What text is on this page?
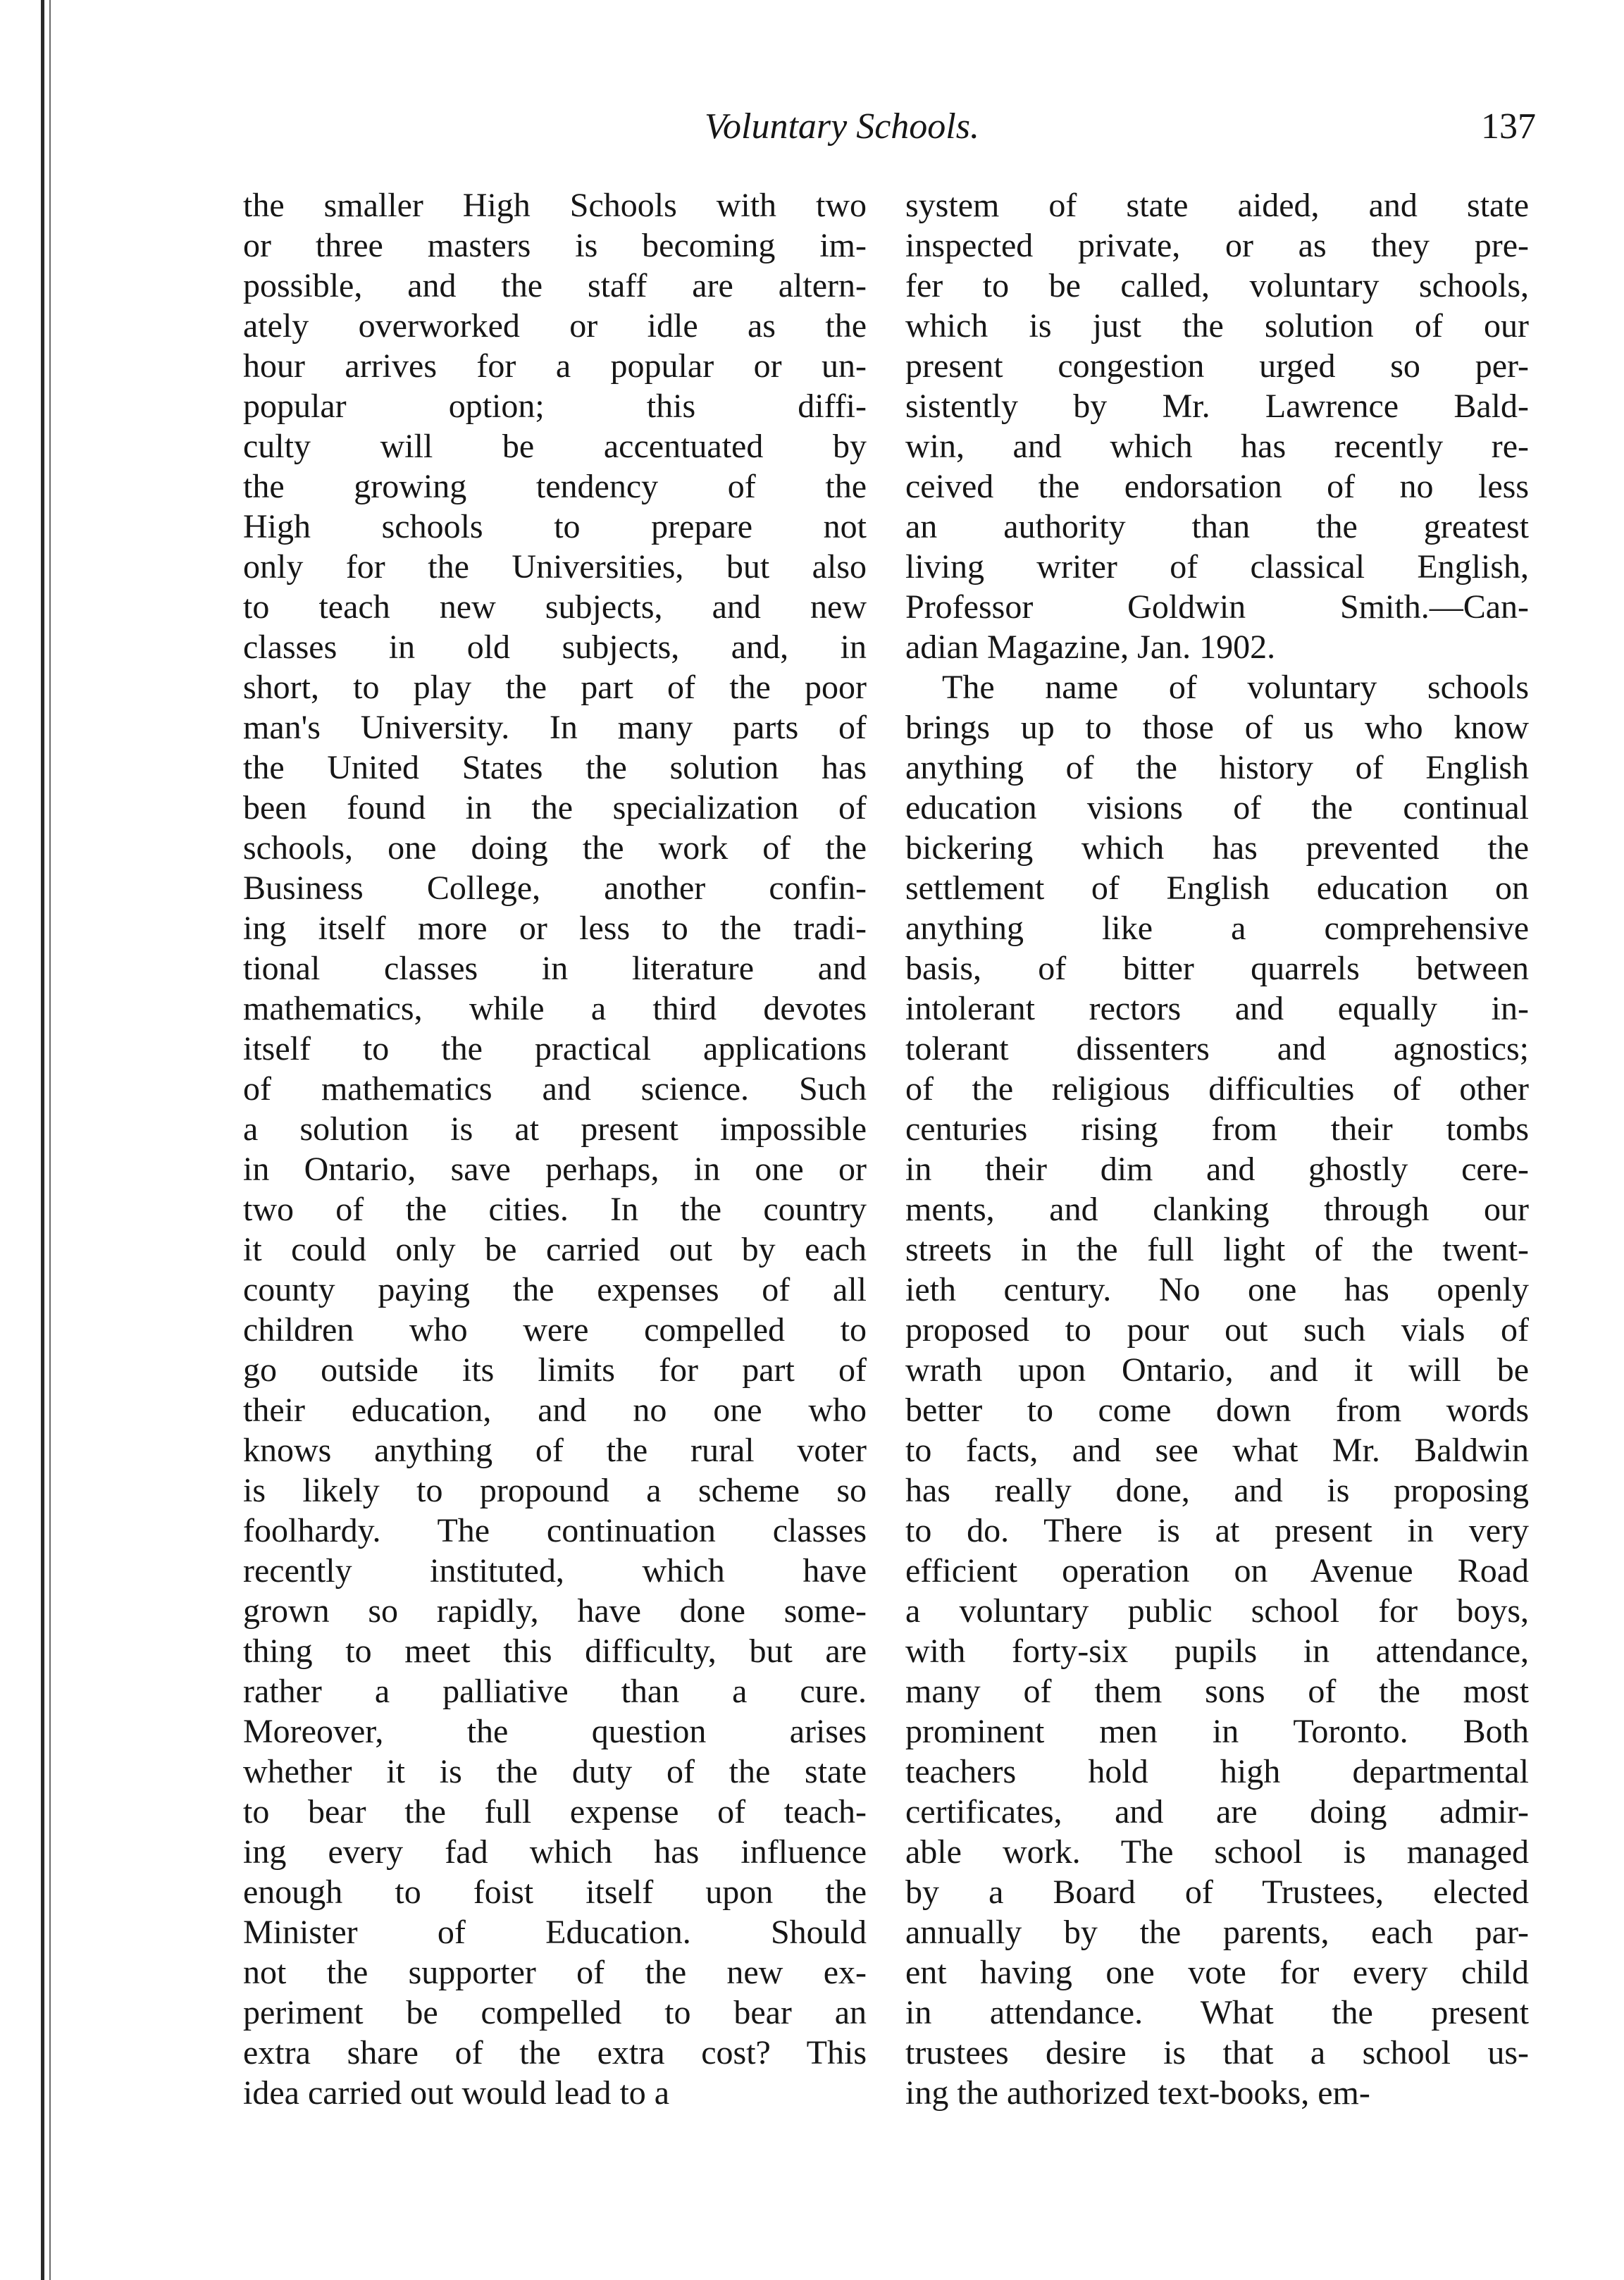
Voluntary Schools.	137
the smaller High Schools with two
or three masters is becoming im-
possible, and the staff are altern-
ately overworked or idle as the
hour arrives for a popular or un-
popular option; this diffi-
culty will be accentuated by
the growing tendency of the
High schools to prepare not
only for the Universities, but also
to teach new subjects, and new
classes in old subjects, and, in
short, to play the part of the poor
man's University. In many parts of
the United States the solution has
been found in the specialization of
schools, one doing the work of the
Business College, another confin-
ing itself more or less to the tradi-
tional classes in literature and
mathematics, while a third devotes
itself to the practical applications
of mathematics and science. Such
a solution is at present impossible
in Ontario, save perhaps, in one or
two of the cities. In the country
it could only be carried out by each
county paying the expenses of all
children who were compelled to
go outside its limits for part of
their education, and no one who
knows anything of the rural voter
is likely to propound a scheme so
foolhardy. The continuation classes
recently instituted, which have
grown so rapidly, have done some-
thing to meet this difficulty, but are
rather a palliative than a cure.
Moreover, the question arises
whether it is the duty of the state
to bear the full expense of teach-
ing every fad which has influence
enough to foist itself upon the
Minister of Education. Should
not the supporter of the new ex-
periment be compelled to bear an
extra share of the extra cost? This
idea carried out would lead to a
system of state aided, and state
inspected private, or as they pre-
fer to be called, voluntary schools,
which is just the solution of our
present congestion urged so per-
sistently by Mr. Lawrence Bald-
win, and which has recently re-
ceived the endorsation of no less
an authority than the greatest
living writer of classical English,
Professor Goldwin Smith.—Can-
adian Magazine, Jan. 1902.
The name of voluntary schools
brings up to those of us who know
anything of the history of English
education visions of the continual
bickering which has prevented the
settlement of English education on
anything like a comprehensive
basis, of bitter quarrels between
intolerant rectors and equally in-
tolerant dissenters and agnostics;
of the religious difficulties of other
centuries rising from their tombs
in their dim and ghostly cere-
ments, and clanking through our
streets in the full light of the twent-
ieth century. No one has openly
proposed to pour out such vials of
wrath upon Ontario, and it will be
better to come down from words
to facts, and see what Mr. Baldwin
has really done, and is proposing
to do. There is at present in very
efficient operation on Avenue Road
a voluntary public school for boys,
with forty-six pupils in attendance,
many of them sons of the most
prominent men in Toronto. Both
teachers hold high departmental
certificates, and are doing admir-
able work. The school is managed
by a Board of Trustees, elected
annually by the parents, each par-
ent having one vote for every child
in attendance. What the present
trustees desire is that a school us-
ing the authorized text-books, em-
